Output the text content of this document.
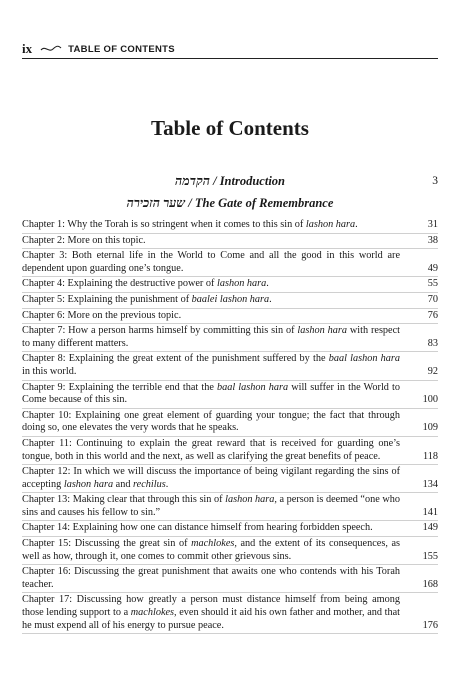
ix	TABLE OF CONTENTS
Table of Contents
הקדמה / Introduction	3
שער הזכירה / The Gate of Remembrance
Chapter 1: Why the Torah is so stringent when it comes to this sin of lashon hara.	31
Chapter 2: More on this topic.	38
Chapter 3: Both eternal life in the World to Come and all the good in this world are dependent upon guarding one’s tongue.	49
Chapter 4: Explaining the destructive power of lashon hara.	55
Chapter 5: Explaining the punishment of baalei lashon hara.	70
Chapter 6: More on the previous topic.	76
Chapter 7: How a person harms himself by committing this sin of lashon hara with respect to many different matters.	83
Chapter 8: Explaining the great extent of the punishment suffered by the baal lashon hara in this world.	92
Chapter 9: Explaining the terrible end that the baal lashon hara will suffer in the World to Come because of this sin.	100
Chapter 10: Explaining one great element of guarding your tongue; the fact that through doing so, one elevates the very words that he speaks.	109
Chapter 11: Continuing to explain the great reward that is received for guarding one’s tongue, both in this world and the next, as well as clarifying the great benefits of peace.	118
Chapter 12: In which we will discuss the importance of being vigilant regarding the sins of accepting lashon hara and rechilus.	134
Chapter 13: Making clear that through this sin of lashon hara, a person is deemed “one who sins and causes his fellow to sin.”	141
Chapter 14: Explaining how one can distance himself from hearing forbidden speech.	149
Chapter 15: Discussing the great sin of machlokes, and the extent of its consequences, as well as how, through it, one comes to commit other grievous sins.	155
Chapter 16: Discussing the great punishment that awaits one who contends with his Torah teacher.	168
Chapter 17: Discussing how greatly a person must distance himself from being among those lending support to a machlokes, even should it aid his own father and mother, and that he must expend all of his energy to pursue peace.	176
